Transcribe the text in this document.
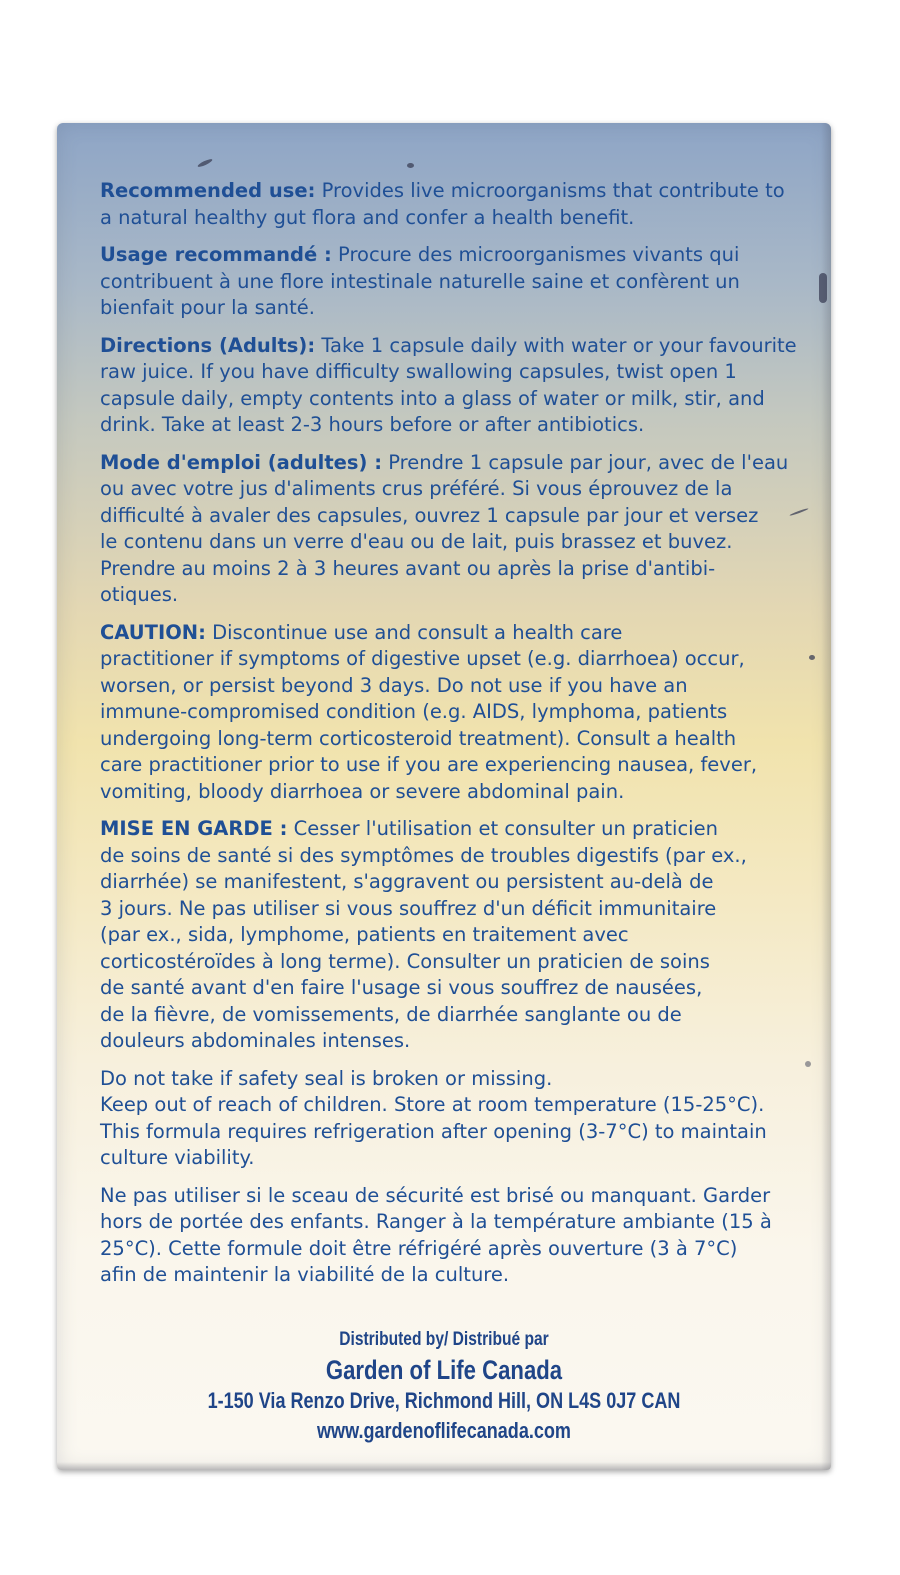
Recommended use: Provides live microorganisms that contribute to

a natural healthy gut flora and confer a health benefit.

Usage recommandé : Procure des microorganismes vivants qui

contribuent à une flore intestinale naturelle saine et confèrent un

bienfait pour la santé.

Directions (Adults): Take 1 capsule daily with water or your favourite

raw juice. If you have difficulty swallowing capsules, twist open 1

capsule daily, empty contents into a glass of water or milk, stir, and

drink. Take at least 2-3 hours before or after antibiotics.

Mode d'emploi (adultes) : Prendre 1 capsule par jour, avec de l'eau

ou avec votre jus d'aliments crus préféré. Si vous éprouvez de la

difficulté à avaler des capsules, ouvrez 1 capsule par jour et versez

le contenu dans un verre d'eau ou de lait, puis brassez et buvez.

Prendre au moins 2 à 3 heures avant ou après la prise d'antibi-

otiques.

CAUTION: Discontinue use and consult a health care

practitioner if symptoms of digestive upset (e.g. diarrhoea) occur,

worsen, or persist beyond 3 days. Do not use if you have an

immune-compromised condition (e.g. AIDS, lymphoma, patients

undergoing long-term corticosteroid treatment). Consult a health

care practitioner prior to use if you are experiencing nausea, fever,

vomiting, bloody diarrhoea or severe abdominal pain.

MISE EN GARDE : Cesser l'utilisation et consulter un praticien

de soins de santé si des symptômes de troubles digestifs (par ex.,

diarrhée) se manifestent, s'aggravent ou persistent au-delà de

3 jours. Ne pas utiliser si vous souffrez d'un déficit immunitaire

(par ex., sida, lymphome, patients en traitement avec

corticostéroïdes à long terme). Consulter un praticien de soins

de santé avant d'en faire l'usage si vous souffrez de nausées,

de la fièvre, de vomissements, de diarrhée sanglante ou de

douleurs abdominales intenses.

Do not take if safety seal is broken or missing.

Keep out of reach of children. Store at room temperature (15-25°C).

This formula requires refrigeration after opening (3-7°C) to maintain

culture viability.

Ne pas utiliser si le sceau de sécurité est brisé ou manquant. Garder

hors de portée des enfants. Ranger à la température ambiante (15 à

25°C). Cette formule doit être réfrigéré après ouverture (3 à 7°C)

afin de maintenir la viabilité de la culture.

Distributed by/ Distribué par
Garden of Life Canada
1-150 Via Renzo Drive, Richmond Hill, ON L4S 0J7 CAN
www.gardenoflifecanada.com
